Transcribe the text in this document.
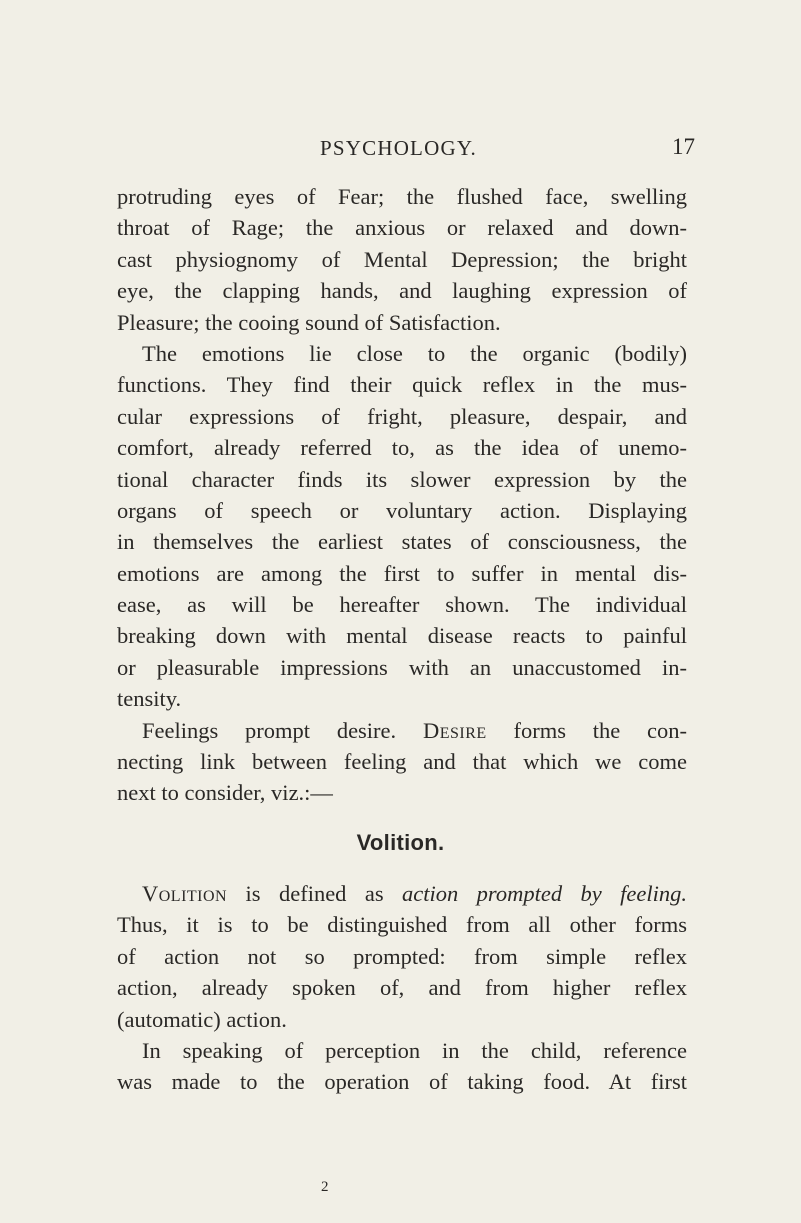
PSYCHOLOGY.	17
protruding eyes of Fear; the flushed face, swelling
throat of Rage; the anxious or relaxed and down-
cast physiognomy of Mental Depression; the bright
eye, the clapping hands, and laughing expression of
Pleasure; the cooing sound of Satisfaction.
The emotions lie close to the organic (bodily)
functions. They find their quick reflex in the mus-
cular expressions of fright, pleasure, despair, and
comfort, already referred to, as the idea of unemo-
tional character finds its slower expression by the
organs of speech or voluntary action. Displaying
in themselves the earliest states of consciousness, the
emotions are among the first to suffer in mental dis-
ease, as will be hereafter shown. The individual
breaking down with mental disease reacts to painful
or pleasurable impressions with an unaccustomed in-
tensity.
Feelings prompt desire. Desire forms the con-
necting link between feeling and that which we come
next to consider, viz.:—
Volition.
Volition is defined as action prompted by feeling.
Thus, it is to be distinguished from all other forms
of action not so prompted: from simple reflex
action, already spoken of, and from higher reflex
(automatic) action.
In speaking of perception in the child, reference
was made to the operation of taking food. At first
2
